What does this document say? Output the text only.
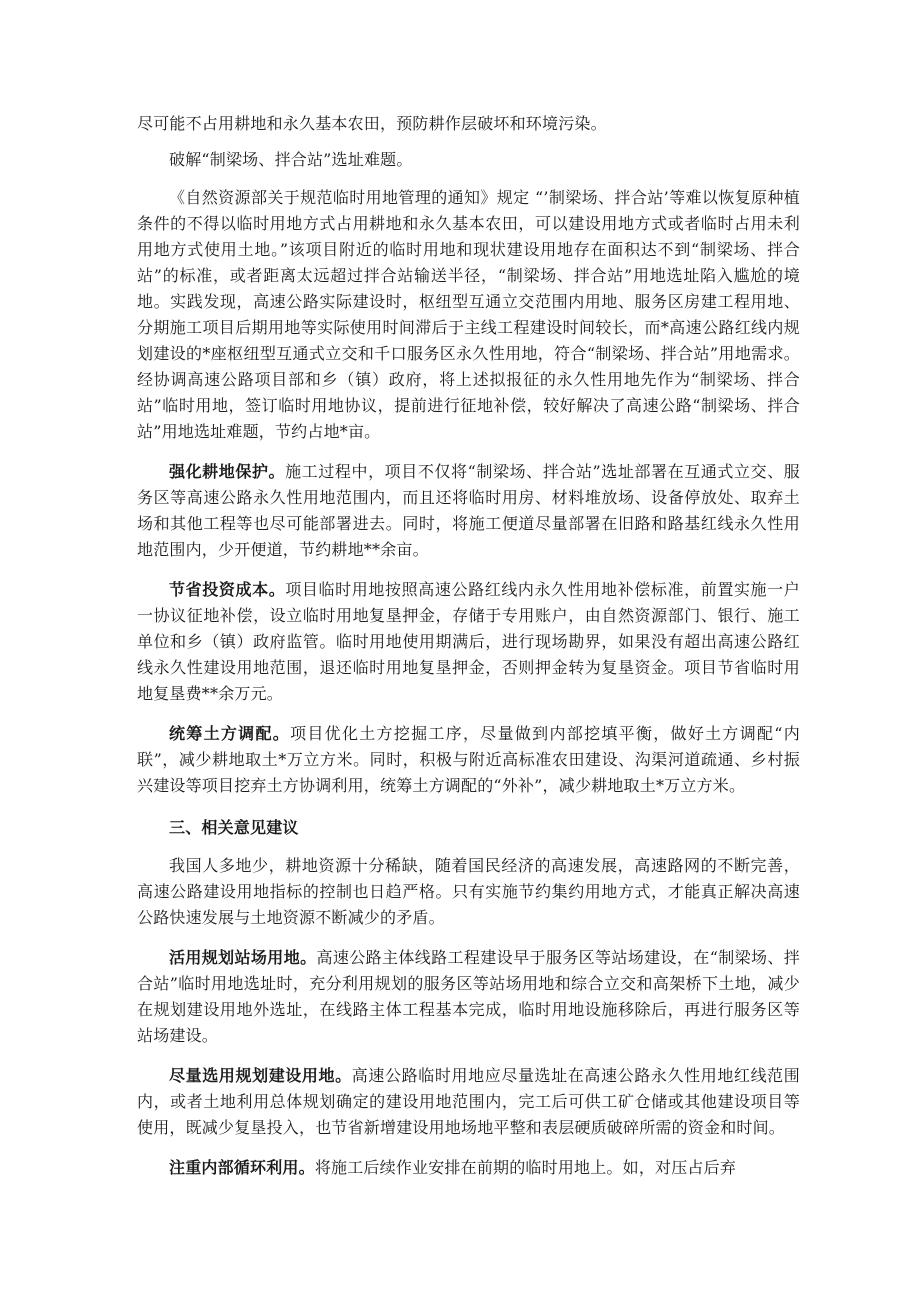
尽可能不占用耕地和永久基本农田，预防耕作层破坏和环境污染。

破解“制梁场、拌合站”选址难题。

《自然资源部关于规范临时用地管理的通知》规定 “’制梁场、拌合站’等难以恢复原种植条件的不得以临时用地方式占用耕地和永久基本农田，可以建设用地方式或者临时占用未利用地方式使用土地。”该项目附近的临时用地和现状建设用地存在面积达不到“制梁场、拌合站”的标准，或者距离太远超过拌合站输送半径，“制梁场、拌合站”用地选址陷入尴尬的境地。实践发现，高速公路实际建设时，枢纽型互通立交范围内用地、服务区房建工程用地、分期施工项目后期用地等实际使用时间滞后于主线工程建设时间较长，而*高速公路红线内规划建设的*座枢纽型互通式立交和千口服务区永久性用地，符合“制梁场、拌合站”用地需求。经协调高速公路项目部和乡（镇）政府，将上述拟报征的永久性用地先作为“制梁场、拌合站”临时用地，签订临时用地协议，提前进行征地补偿，较好解决了高速公路“制梁场、拌合站”用地选址难题，节约占地*亩。

强化耕地保护。施工过程中，项目不仅将“制梁场、拌合站”选址部署在互通式立交、服务区等高速公路永久性用地范围内，而且还将临时用房、材料堆放场、设备停放处、取弃土场和其他工程等也尽可能部署进去。同时，将施工便道尽量部署在旧路和路基红线永久性用地范围内，少开便道，节约耕地**余亩。

节省投资成本。项目临时用地按照高速公路红线内永久性用地补偿标准，前置实施一户一协议征地补偿，设立临时用地复垦押金，存储于专用账户，由自然资源部门、银行、施工单位和乡（镇）政府监管。临时用地使用期满后，进行现场勘界，如果没有超出高速公路红线永久性建设用地范围，退还临时用地复垦押金，否则押金转为复垦资金。项目节省临时用地复垦费**余万元。

统筹土方调配。项目优化土方挖掘工序，尽量做到内部挖填平衡，做好土方调配“内联”，减少耕地取土*万立方米。同时，积极与附近高标准农田建设、沟渠河道疏通、乡村振兴建设等项目挖弃土方协调利用，统筹土方调配的“外补”，减少耕地取土*万立方米。

三、相关意见建议

我国人多地少，耕地资源十分稀缺，随着国民经济的高速发展，高速路网的不断完善，高速公路建设用地指标的控制也日趋严格。只有实施节约集约用地方式，才能真正解决高速公路快速发展与土地资源不断减少的矛盾。

活用规划站场用地。高速公路主体线路工程建设早于服务区等站场建设，在“制梁场、拌合站”临时用地选址时，充分利用规划的服务区等站场用地和综合立交和高架桥下土地，减少在规划建设用地外选址，在线路主体工程基本完成，临时用地设施移除后，再进行服务区等站场建设。

尽量选用规划建设用地。高速公路临时用地应尽量选址在高速公路永久性用地红线范围内，或者土地利用总体规划确定的建设用地范围内，完工后可供工矿仓储或其他建设项目等使用，既减少复垦投入，也节省新增建设用地场地平整和表层硬质破碎所需的资金和时间。

注重内部循环利用。将施工后续作业安排在前期的临时用地上。如，对压占后弃
